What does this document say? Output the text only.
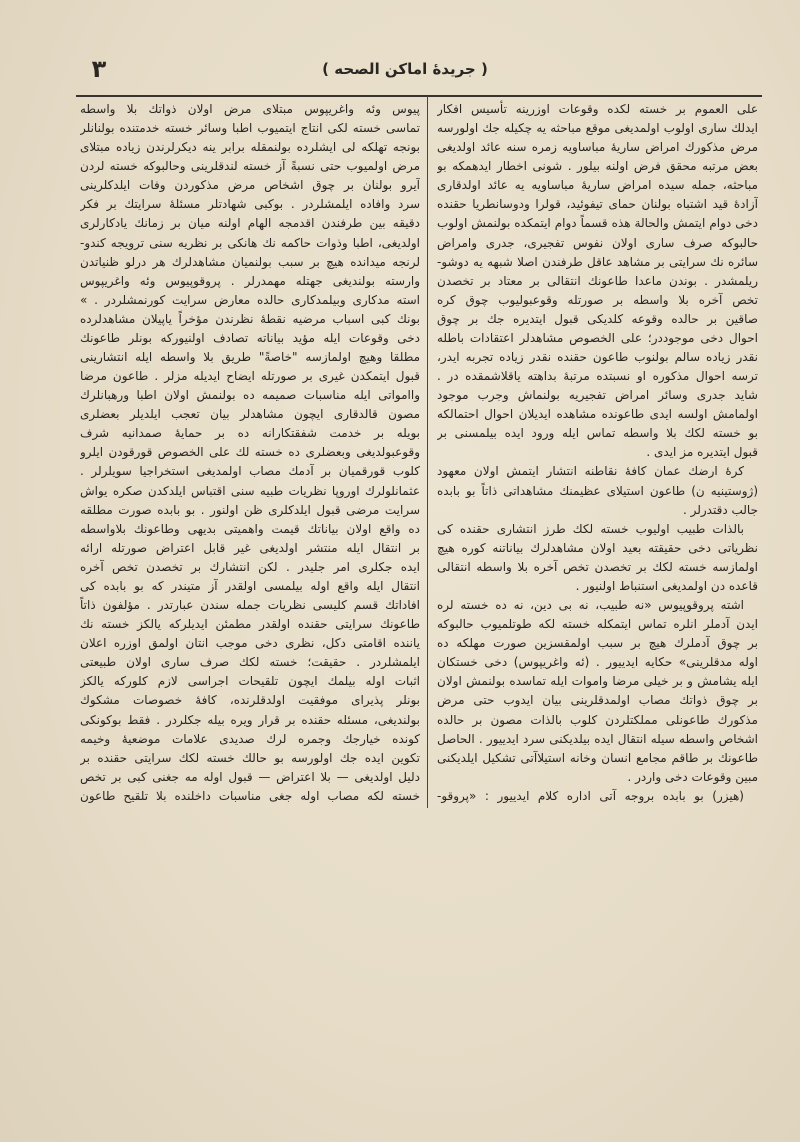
٣	( جریدهٔ اماکن الصحه )
علی العموم بر خسته لکده وقوعات اوزرینه تأسیس افکار
ایدلك ساری اولوب اولمدیغی موقع مباحثه یه چکیله جك اولورسه
مرض مذکورك امراض ساریهٔ مباساویه زمره سنه عائد اولدیغی
بعض مرتبه محقق فرض اولنه بیلور . شونی اخطار ایدهمکه بو
مباحثه، جمله سیده امراض ساریهٔ مباساویه یه عائد اولدقاری
آزادهٔ قید اشتباه بولنان حمای تیفوئید، قولرا ودوسانطریا حقنده
دخی دوام ایتمش والحالة هذه قسماً دوام ایتمکده بولنمش اولوب
حالبوکه صرف ساری اولان نفوس تفجیری، جدری وامراض
سائره نك سرایتی بر مشاهد عاقل طرفندن اصلا شبهه یه دوشو-
ریلمشدر . بوندن ماعدا طاعونك انتقالی بر معتاد بر تخصدن
تخص آخره بلا واسطه بر صورتله وقوعبولیوب چوق کره
صاقین بر حالده وقوعه کلدیکی قبول ایتدیره جك بر چوق
احوال دخی موجوددر؛ علی الخصوص مشاهدلر اعتقادات باطله
نقدر زیاده سالم بولنوب طاعون حقنده نقدر زیاده تجربه ایدر،
ترسه احوال مذکوره او نسبتده مرتبهٔ بداهته یاقلاشمقده در .
شاید جدری وسائر امراض تفجیریه بولنماش وجرب موجود
اولمامش اولسه ایدی طاعونده مشاهده ایدیلان احوال احتمالکه
بو خسته لکك بلا واسطه تماس ایله ورود ایده بیلمسنی بر
قبول ایتدیره مز ایدی .
کرهٔ ارضك عمان کافهٔ نقاطنه انتشار ایتمش اولان معهود
(ژوستینیه ن) طاعون استیلای عظیمنك مشاهداتی ذاتاً بو بابده
جالب دقتدرلر .
بالذات طبیب اولیوب خسته لکك طرز انتشاری حقنده کی
نظریاتی دخی حقیقته بعید اولان مشاهدلرك بیاناتنه کوره هیچ
اولمازسه خسته لکك بر تخصدن تخص آخره بلا واسطه انتقالی
قاعده دن اولمدیغی استنباط اولنیور .
اشته پروقوپیوس «نه طبیب، نه بی دین، نه ده خسته لره
ایدن آدملر انلره تماس ایتمکله خسته لکه طوتلمیوب حالبوکه
بر چوق آدملرك هیچ بر سبب اولمقسزین صورت مهلکه ده
اوله مدقلرینی» حکایه ایدییور . (ئه واغریپوس) دخی خستکان
ایله یشامش و بر خیلی مرضا واموات ایله تماسده بولنمش اولان
بر چوق ذواتك مصاب اولمدقلرینی بیان ایدوب حتی مرض
مذکورك طاعونلی مملکتلردن کلوب بالذات مصون بر حالده
اشخاص واسطه سیله انتقال ایده بیلدیکنی سرد ایدییور . الحاصل
طاعونك بر طاقم مجامع انسان وخانه استیلاآتی تشکیل ایلدیکنی
مبین وقوعات دخی واردر .
(هیزر) بو بابده بروجه آتی اداره کلام ایدییور : «پروقو-
پیوس وئه واغریپوس مبتلای مرض اولان ذواتك بلا واسطه
تماسی خسته لکی انتاج ایتمیوب اطبا وسائر خسته خدمتنده بولنانلر
بونجه تهلکه لی ایشلرده بولنمقله برابر ینه دیکرلرندن زیاده مبتلای
مرض اولمیوب حتی نسبةً آز خسته لندقلرینی وحالبوکه خسته لردن
آیرو بولنان بر چوق اشخاص مرض مذکوردن وفات ایلدکلرینی
سرد وافاده ایلمشلردر . بوکبی شهادتلر مسئلهٔ سرایتك بر فکر
دقیقه بین طرفندن اقدمجه الهام اولنه میان بر زمانك یادکارلری
اولدیغی، اطبا وذوات حاکمه نك هانکی بر نظریه سنی ترویجه کندو-
لرنجه میدانده هیچ بر سبب بولنمیان مشاهدلرك هر درلو ظنیاتدن
وارسته بولندیغی جهتله مهمدرلر . پروقوپیوس وئه واغریپوس
استه مدکاری وبیلمدکاری حالده معارض سرایت کورنمشلردر . »
بونك کبی اسباب مرضیه نقطهٔ نظرندن مؤخراً یاپیلان مشاهدلرده
دخی وقوعات ایله مؤید بیاناته تصادف اولنیورکه بونلر طاعونك
مطلقا وهیچ اولمازسه "خاصةً" طریق بلا واسطه ایله انتشارینی
قبول ایتمکدن غیری بر صورتله ایضاح ایدیله مزلر . طاعون مرضا
واامواتی ایله مناسبات صمیمه ده بولنمش اولان اطبا ورهبانلرك
مصون قالدقاری ایچون مشاهدلر بیان تعجب ایلدیلر بعضلری
بویله بر خدمت شفقتکارانه ده بر حمایهٔ صمدانیه شرف
وقوعبولدیغی وبعضلری ده خسته لك علی الخصوص قورقودن ایلرو
کلوب قورقمیان بر آدمك مصاب اولمدیغی استخراجیا سویلرلر .
عثمانلولرك اوروپا نظریات طبیه سنی اقتباس ایلدکدن صکره یواش
سرایت مرضی قبول ایلدکلری ظن اولنور . بو بابده صورت مطلقه
ده واقع اولان بیاناتك قیمت واهمیتی بدیهی وطاعونك بلاواسطه
بر انتقال ایله منتشر اولدیغی غیر قابل اعتراض صورتله ارائه
ایده جکلری امر جلیدر . لکن انتشارك بر تخصدن تخص آخره
انتقال ایله واقع اوله بیلمسی اولقدر آز متیندر که بو بابده کی
افاداتك قسم کلیسی نظریات جمله سندن عبارتدر . مؤلفون ذاتاً
طاعونك سرایتی حقنده اولقدر مطمئن ایدیلرکه یالکز خسته نك
یاننده اقامتی دکل، نظری دخی موجب انتان اولمق اوزره اعلان
ایلمشلردر . حقیقت؛ خسته لکك صرف ساری اولان طبیعتی
اثبات اوله بیلمك ایچون تلقیحات اجراسی لازم کلورکه یالکز
بونلر پذیرای موفقیت اولدقلرنده، کافهٔ خصوصات مشکوك
بولندیغی، مسئله حقنده بر قرار ویره بیله جکلردر . فقط بوکونکی
کونده خیارجك وجمره لرك صدیدی علامات موضعیهٔ وخیمه
تکوین ایده جك اولورسه بو حالك خسته لکك سرایتی حقنده بر
دلیل اولدیغی — بلا اعتراض — قبول اوله مه جغنی کبی بر تخص
خسته لکه مصاب اوله جغی مناسبات داخلنده بلا تلقیح طاعون
